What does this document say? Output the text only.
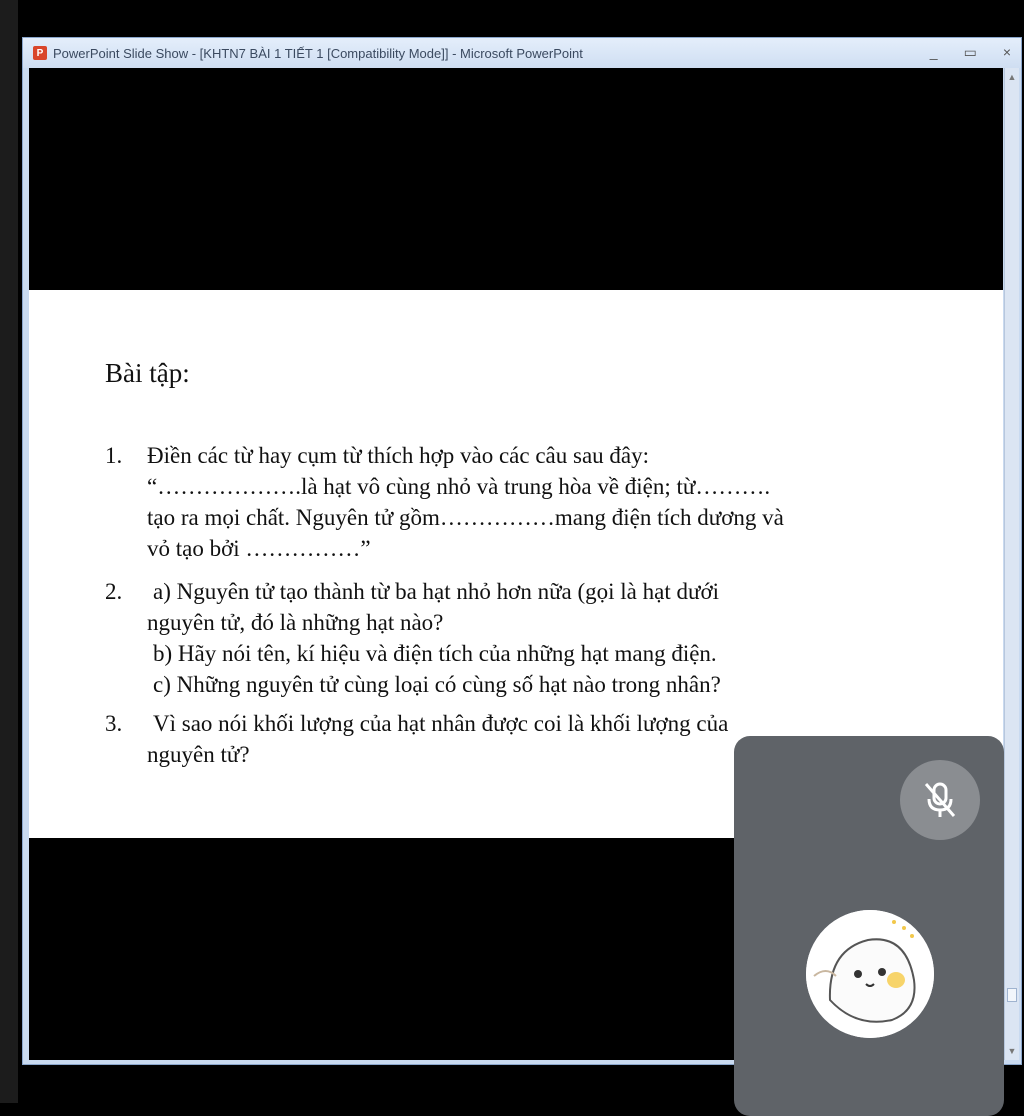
P PowerPoint Slide Show - [KHTN7 BÀI 1 TIẾT 1 [Compatibility Mode]] - Microsoft PowerPoint	_ ▭ ×
Bài tập:
1.	Điền các từ hay cụm từ thích hợp vào các câu sau đây:
“……………….là hạt vô cùng nhỏ và trung hòa về điện; từ……….
tạo ra mọi chất. Nguyên tử gồm……………mang điện tích dương và
vỏ tạo bởi ……………”
2.	a) Nguyên tử tạo thành từ ba hạt nhỏ hơn nữa (gọi là hạt dưới
nguyên tử, đó là những hạt nào?
b) Hãy nói tên, kí hiệu và điện tích của những hạt mang điện.
c) Những nguyên tử cùng loại có cùng số hạt nào trong nhân?
3.	Vì sao nói khối lượng của hạt nhân được coi là khối lượng của
nguyên tử?
▲
▼
